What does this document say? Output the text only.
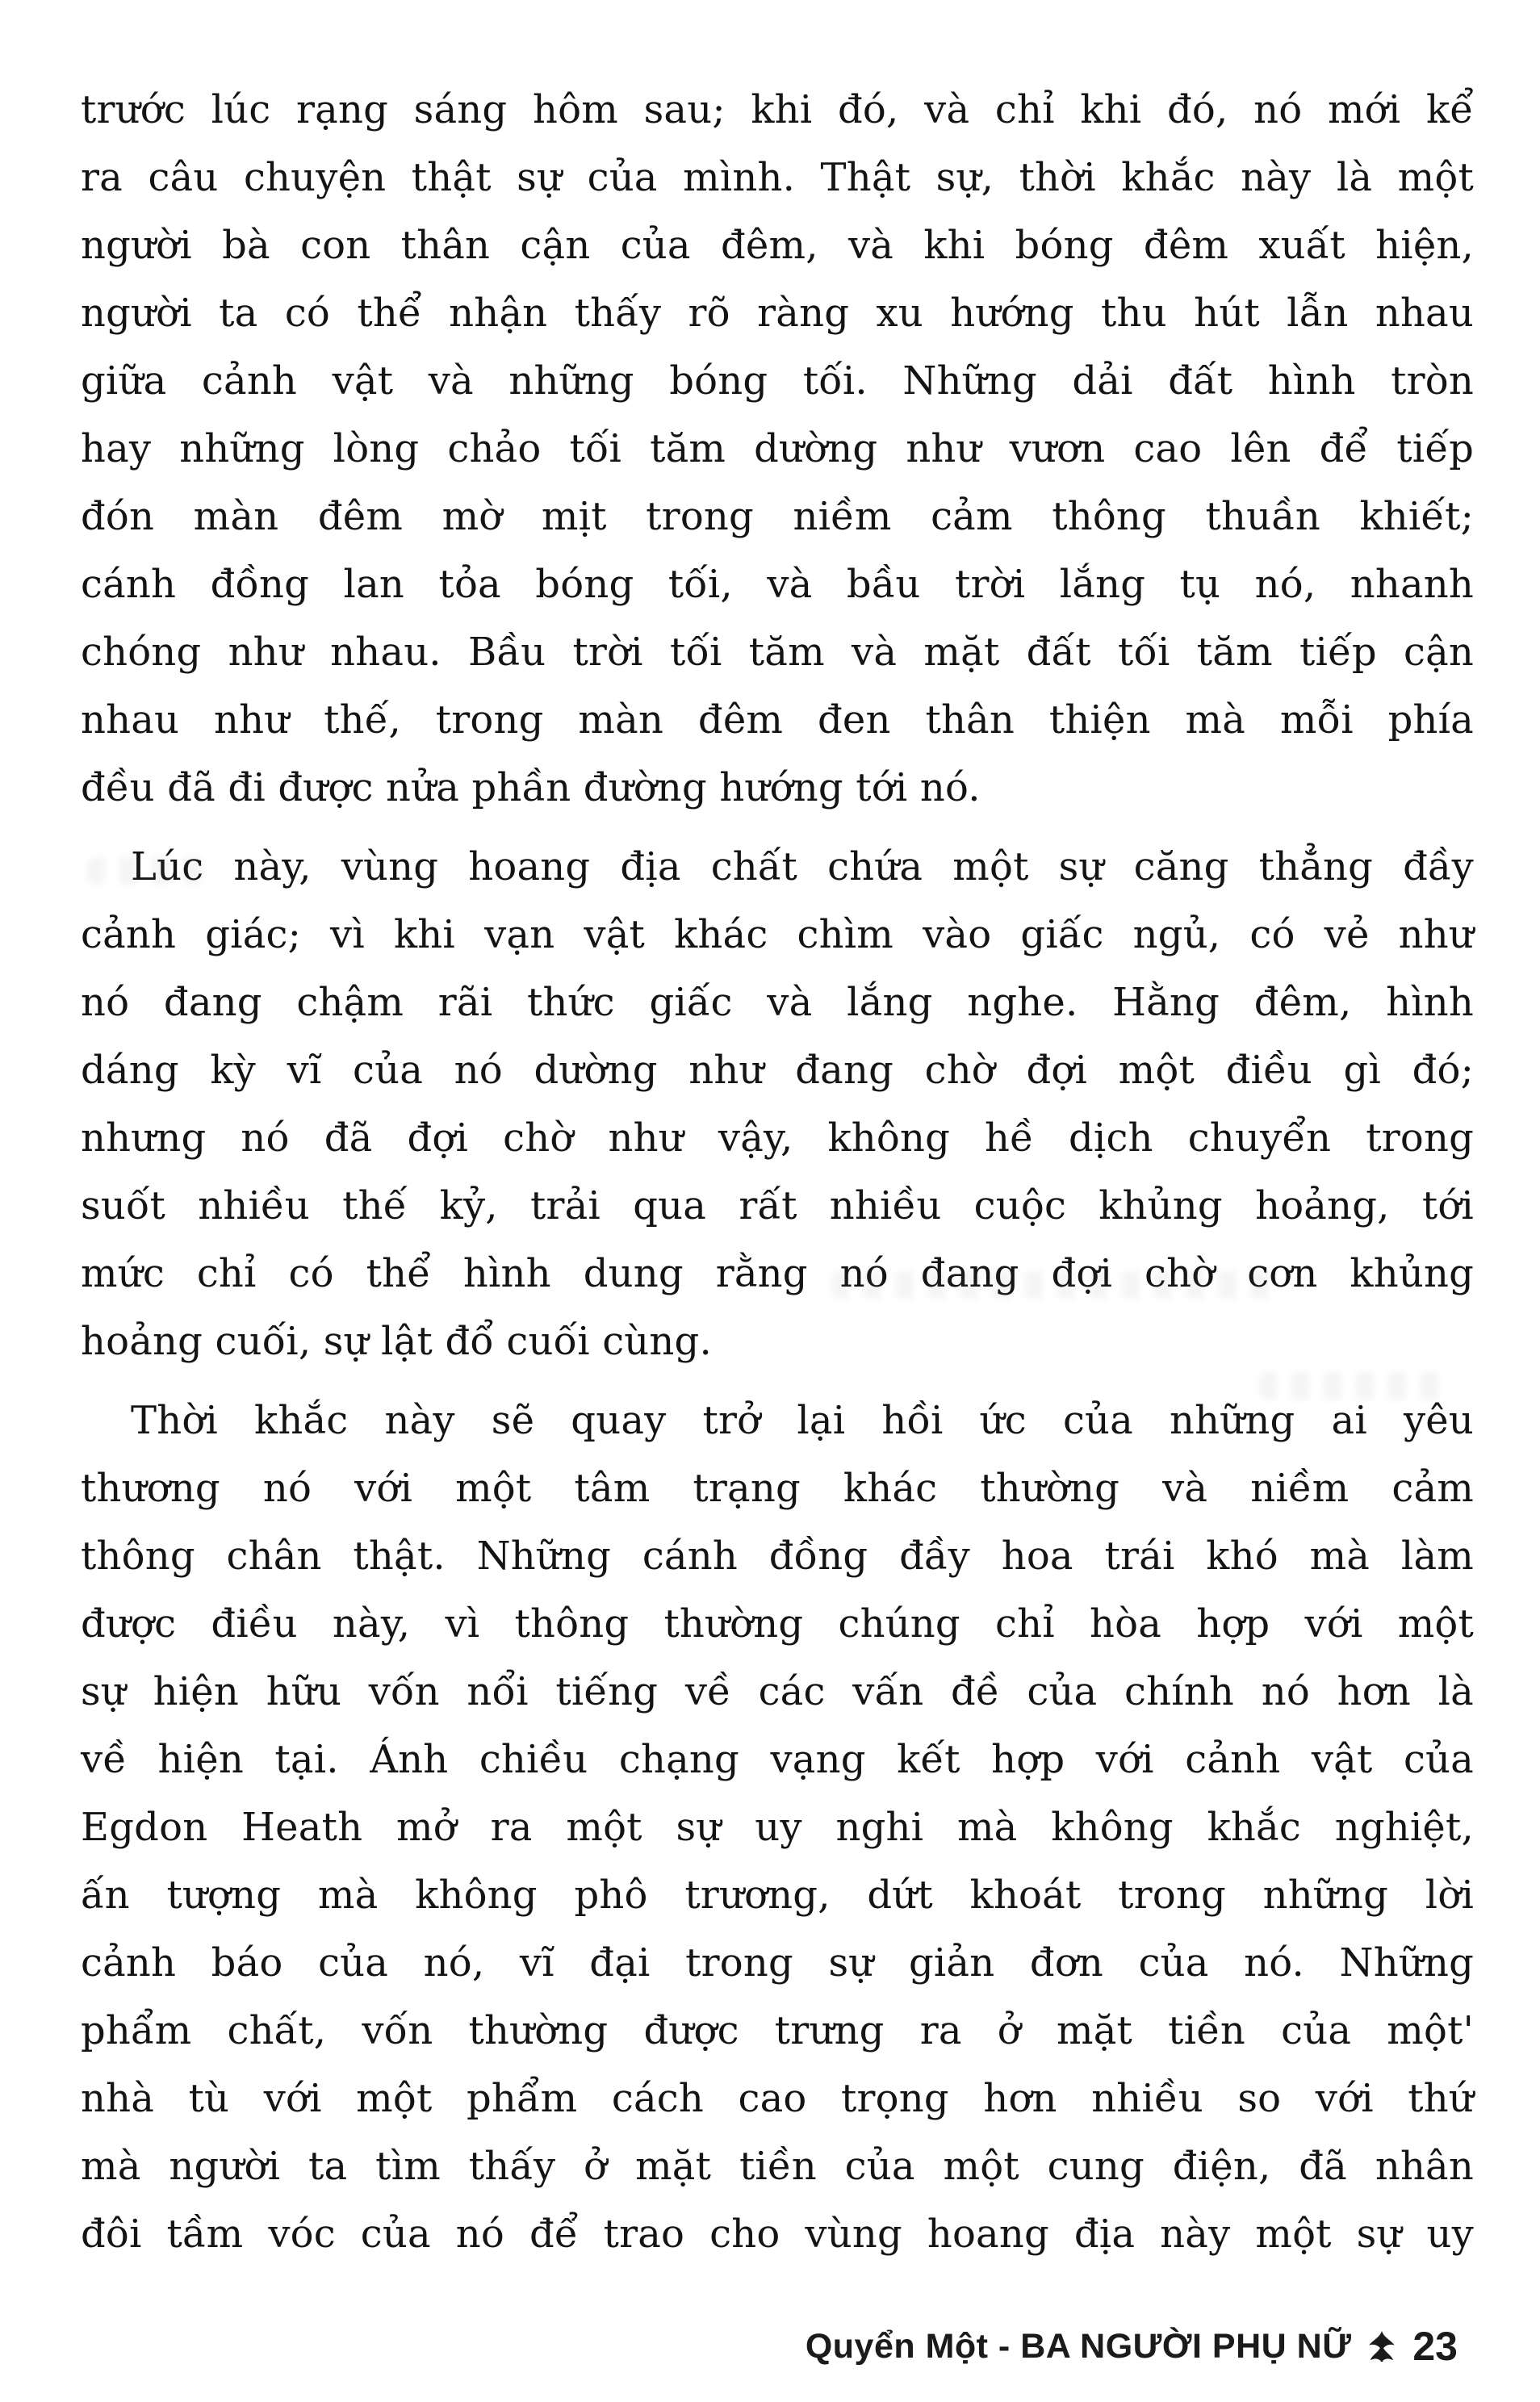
trước lúc rạng sáng hôm sau; khi đó, và chỉ khi đó, nó mới kể
ra câu chuyện thật sự của mình. Thật sự, thời khắc này là một
người bà con thân cận của đêm, và khi bóng đêm xuất hiện,
người ta có thể nhận thấy rõ ràng xu hướng thu hút lẫn nhau
giữa cảnh vật và những bóng tối. Những dải đất hình tròn
hay những lòng chảo tối tăm dường như vươn cao lên để tiếp
đón màn đêm mờ mịt trong niềm cảm thông thuần khiết;
cánh đồng lan tỏa bóng tối, và bầu trời lắng tụ nó, nhanh
chóng như nhau. Bầu trời tối tăm và mặt đất tối tăm tiếp cận
nhau như thế, trong màn đêm đen thân thiện mà mỗi phía
đều đã đi được nửa phần đường hướng tới nó.
Lúc này, vùng hoang địa chất chứa một sự căng thẳng đầy
cảnh giác; vì khi vạn vật khác chìm vào giấc ngủ, có vẻ như
nó đang chậm rãi thức giấc và lắng nghe. Hằng đêm, hình
dáng kỳ vĩ của nó dường như đang chờ đợi một điều gì đó;
nhưng nó đã đợi chờ như vậy, không hề dịch chuyển trong
suốt nhiều thế kỷ, trải qua rất nhiều cuộc khủng hoảng, tới
mức chỉ có thể hình dung rằng nó đang đợi chờ cơn khủng
hoảng cuối, sự lật đổ cuối cùng.
Thời khắc này sẽ quay trở lại hồi ức của những ai yêu
thương nó với một tâm trạng khác thường và niềm cảm
thông chân thật. Những cánh đồng đầy hoa trái khó mà làm
được điều này, vì thông thường chúng chỉ hòa hợp với một
sự hiện hữu vốn nổi tiếng về các vấn đề của chính nó hơn là
về hiện tại. Ánh chiều chạng vạng kết hợp với cảnh vật của
Egdon Heath mở ra một sự uy nghi mà không khắc nghiệt,
ấn tượng mà không phô trương, dứt khoát trong những lời
cảnh báo của nó, vĩ đại trong sự giản đơn của nó. Những
phẩm chất, vốn thường được trưng ra ở mặt tiền của một'
nhà tù với một phẩm cách cao trọng hơn nhiều so với thứ
mà người ta tìm thấy ở mặt tiền của một cung điện, đã nhân
đôi tầm vóc của nó để trao cho vùng hoang địa này một sự uy
Quyển Một - BA NGƯỜI PHỤ NỮ 23
